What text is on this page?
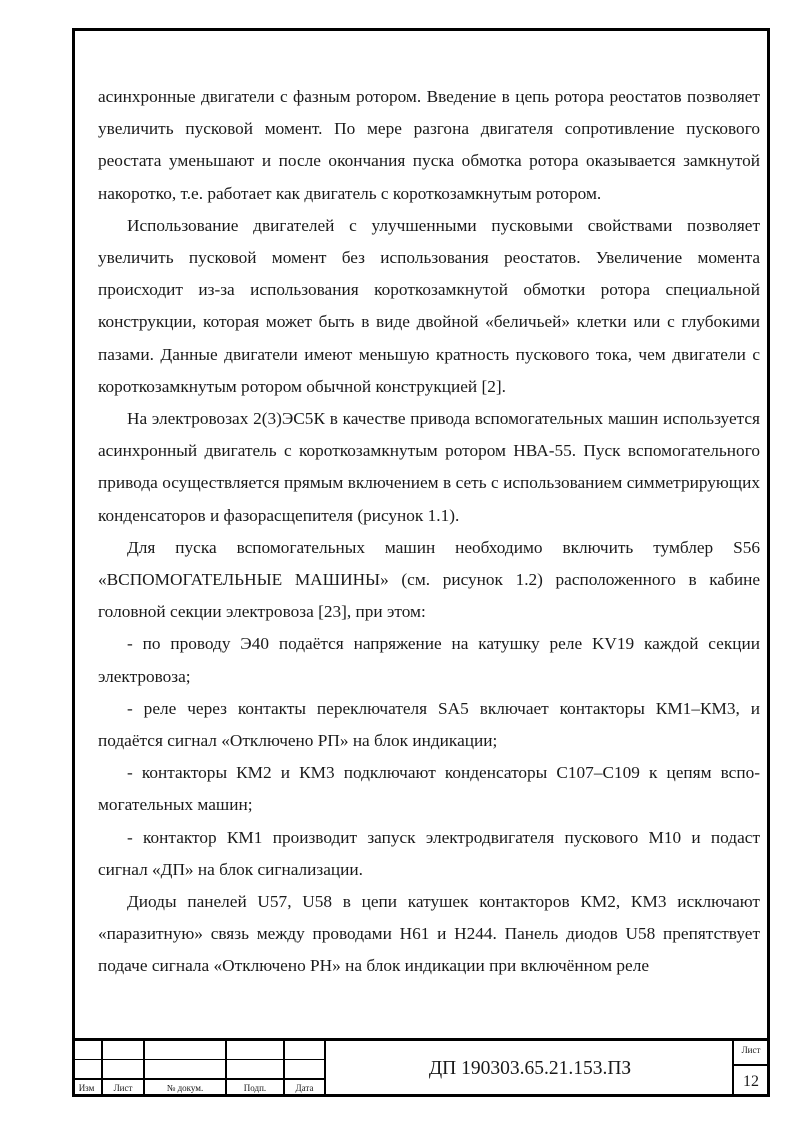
асинхронные двигатели с фазным ротором. Введение в цепь ротора реостатов позволяет увеличить пусковой момент. По мере разгона двигателя сопротивление пускового реостата уменьшают и после окончания пуска обмотка ротора оказывается замкнутой накоротко, т.е. работает как двигатель с короткозамкнутым ротором.

Использование двигателей с улучшенными пусковыми свойствами позволяет увеличить пусковой момент без использования реостатов. Увеличение момента происходит из-за использования короткозамкнутой обмотки ротора специальной конструкции, которая может быть в виде двойной «беличьей» клетки или с глубокими пазами. Данные двигатели имеют меньшую кратность пускового тока, чем двигатели с короткозамкнутым ротором обычной конструкцией [2].

На электровозах 2(3)ЭС5К в качестве привода вспомогательных машин используется асинхронный двигатель с короткозамкнутым ротором НВА-55. Пуск вспомогательного привода осуществляется прямым включением в сеть с использованием симметрирующих конденсаторов и фазорасщепителя (рисунок 1.1).

Для пуска вспомогательных машин необходимо включить тумблер S56 «ВСПОМОГАТЕЛЬНЫЕ МАШИНЫ» (см. рисунок 1.2) расположенного в кабине головной секции электровоза [23], при этом:

- по проводу Э40 подаётся напряжение на катушку реле KV19 каждой секции электровоза;

- реле через контакты переключателя SA5 включает контакторы КМ1–КМ3, и подаётся сигнал «Отключено РП» на блок индикации;

- контакторы КМ2 и КМ3 подключают конденсаторы С107–С109 к цепям вспомогательных машин;

- контактор КМ1 производит запуск электродвигателя пускового М10 и подаст сигнал «ДП» на блок сигнализации.

Диоды панелей U57, U58 в цепи катушек контакторов КМ2, КМ3 исключают «паразитную» связь между проводами Н61 и Н244. Панель диодов U58 препятствует подаче сигнала «Отключено РН» на блок индикации при включённом реле

Изм	Лист	№ докум.	Подп.	Дата
ДП 190303.65.21.153.ПЗ
Лист
12
